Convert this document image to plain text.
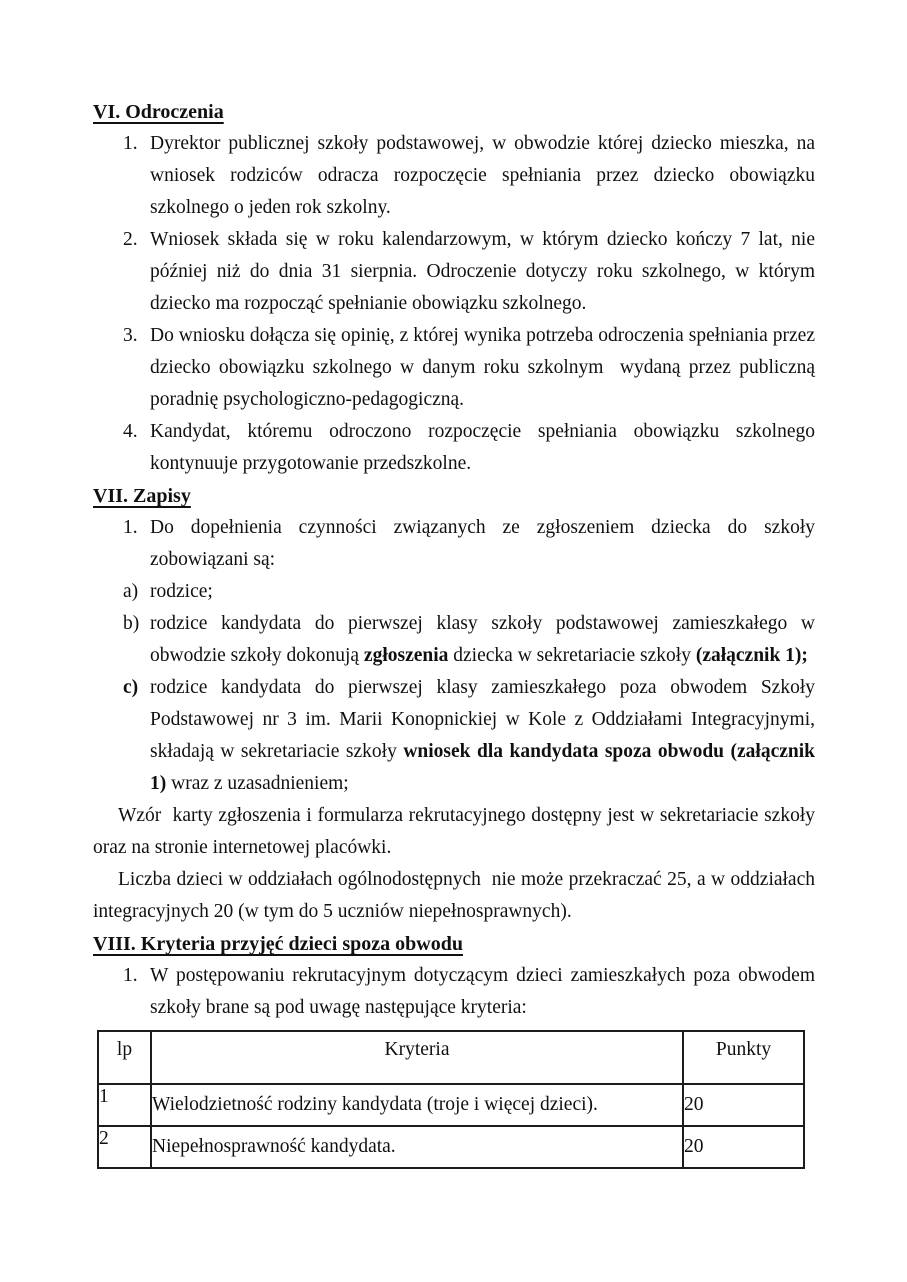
VI. Odroczenia
1. Dyrektor publicznej szkoły podstawowej, w obwodzie której dziecko mieszka, na wniosek rodziców odracza rozpoczęcie spełniania przez dziecko obowiązku szkolnego o jeden rok szkolny.
2. Wniosek składa się w roku kalendarzowym, w którym dziecko kończy 7 lat, nie później niż do dnia 31 sierpnia. Odroczenie dotyczy roku szkolnego, w którym dziecko ma rozpocząć spełnianie obowiązku szkolnego.
3. Do wniosku dołącza się opinię, z której wynika potrzeba odroczenia spełniania przez dziecko obowiązku szkolnego w danym roku szkolnym  wydaną przez publiczną poradnię psychologiczno-pedagogiczną.
4. Kandydat, któremu odroczono rozpoczęcie spełniania obowiązku szkolnego kontynuuje przygotowanie przedszkolne.
VII. Zapisy
1. Do dopełnienia czynności związanych ze zgłoszeniem dziecka do szkoły zobowiązani są:
a) rodzice;
b) rodzice kandydata do pierwszej klasy szkoły podstawowej zamieszkałego w obwodzie szkoły dokonują zgłoszenia dziecka w sekretariacie szkoły (załącznik 1);
c) rodzice kandydata do pierwszej klasy zamieszkałego poza obwodem Szkoły Podstawowej nr 3 im. Marii Konopnickiej w Kole z Oddziałami Integracyjnymi, składają w sekretariacie szkoły wniosek dla kandydata spoza obwodu (załącznik 1) wraz z uzasadnieniem;

Wzór  karty zgłoszenia i formularza rekrutacyjnego dostępny jest w sekretariacie szkoły oraz na stronie internetowej placówki.

Liczba dzieci w oddziałach ogólnodostępnych  nie może przekraczać 25, a w oddziałach integracyjnych 20 (w tym do 5 uczniów niepełnosprawnych).

VIII. Kryteria przyjęć dzieci spoza obwodu
1. W postępowaniu rekrutacyjnym dotyczącym dzieci zamieszkałych poza obwodem szkoły brane są pod uwagę następujące kryteria:
lp	Kryteria	Punkty
1	Wielodzietność rodziny kandydata (troje i więcej dzieci).	20
2	Niepełnosprawność kandydata.	20
